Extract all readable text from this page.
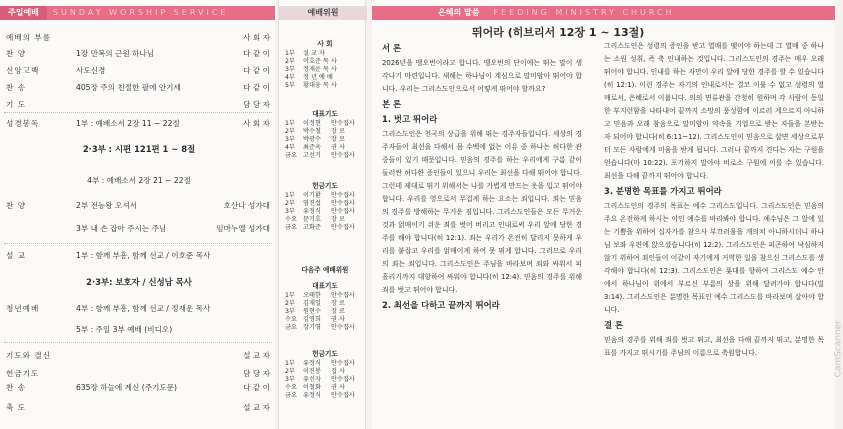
주일예배 SUNDAY WORSHIP SERVICE
예배의 부름	사 회 자
찬 양	1장 만복의 근원 하나님	다 같 이
신앙고백	사도신경	다 같 이
찬 송	405장 주의 친절한 팔에 안기세	다 같 이
기 도	담 당 자
성경봉독	1부 : 예배소서 2장 11 ~ 22절	사 회 자
2·3부 : 시편 121편 1 ~ 8절
4부 : 예배소서 2장 21 ~ 22절
찬 양	2부 전능왕 오셔서	호산나 성가대
3부 내 손 잡아 주시는 주님	임마누엘 성가대
설 교	1부 : 함께 부흥, 함께 선교 / 이호준 목사
2·3부: 보호자 / 신성남 목사
청년예배	4부 : 함께 부흥, 함께 선교 / 정재운 목사
5부 : 주일 3부 예배 (비디오)
기도와 결신	설 교 자
헌금기도	담 당 자
찬 송	635장 하늘에 계신 (주기도문)	다 같 이
축 도	설 교 자
예배위원
사 회
1부 설 교 자
2부 이호준 목 사
3부 정재운 목 사
4부 정 년 예 배
5부 황대웅 목 사
대표기도
1부 이정현 안수집사
2부 박수철 장 로
3부 박광수 장 로
4부 최준옥 권 사
금요 고선기 안수집사
헌금기도
1부 이기환 안수집사
2부 염진섭 안수집사
3부 유정식 안수집사
수요 문기호 장 로
금요 고화준 안수집사
다음주 예배위원
대표기도
1부 오태한 안수집사
2부 김재일 장 로
3부 원현수 장 로
수요 김영희 권 사
금요 장기영 안수집사
헌금기도
1부 유정식 안수집사
2부 이진봉 집 사
3부 유선자 안수집사
수요 이철화 권 사
금요 유정식 안수집사
은혜의 말씀 FEEDING MINISTRY CHURCH
뛰어라 (히브리서 12장 1 ~ 13절)
서 론
2026년을 맹오번이라고 합니다. 맹오번의 단이에는 뛰는 말이 생각나기 마련입니다. 새해는 하나님이 계심으로 말미암아 뛰어야 합니다. 우리는 그리스도인으로서 어떻게 뛰어야 할까요?
본 론
1. 벗고 뛰어라
그리스도인은 천국의 상급을 위해 뛰는 경주자들입니다. 세상의 경주자들이 최선을 다해서 몸 수백에 없는 이유 중 하나는 허다한 관중들이 있기 때문입니다. 믿음의 경주를 하는 우리에게 구름 같이 둘러싼 허다한 증인들이 있으니 우리는 최선을 다해 뛰어야 합니다. 그런데 제대로 뛰기 위해서는 나를 가볍게 만드는 옷을 입고 뛰어야 합니다. 우리를 영으로서 무겁게 하는 요소는 죄입니다. 죄는 믿음의 경주를 방해하는 무거운 짐입니다. 그리스도인들은 모든 무거운 것과 얽매이기 쉬운 죄를 벗어 버리고 인내로써 우리 앞에 당한 경주를 해야 합니다(히 12:1). 죄는 우리가 온전히 달리지 못하게 우리를 붙잡고 우리를 얽매이게 하여 못 뛰게 합니다. 그러므로 우리의 죄는 죄입니다. 그리스도인은 주님을 바라보며 죄와 싸워서 피 흘리기까지 대항하여 싸워야 합니다(히 12:4). 믿음의 경주를 위해 죄를 벗고 뛰어야 합니다.
2. 최선을 다하고 끝까지 뛰어라
그리스도인은 성령의 증인을 받고 열매를 맺어야 하는데 그 열매 중 하나는 소원 성취, 즉 축 인내하는 것입니다. 그리스도인의 경주는 매우 오래 뛰어야 합니다. 인내를 하는 자만이 우리 앞에 당한 경주를 할 수 있습니다(히 12:1). 이런 경주는 자기의 인내로서는 결코 이룰 수 없고 성령의 열매로서, 은혜로서 이룹니다. 의의 면류관을 간청히 원하며 각 사람이 동일한 부지런함을 나타내어 끝까지 소망의 풍성함에 이르러 게으르지 아니하고 믿음과 오래 참음으로 말미암아 약속을 기업으로 받는 자들을 본받는 자 되어야 합니다(히 6:11~12). 그리스도인이 믿음으로 살면 세상으로부터 모든 사람에게 미움을 받게 됩니다. 그러나 끝까지 견디는 자는 구원을 얻습니다(마 10:22). 포기하지 말아야 비로소 구원에 이를 수 있습니다. 최선을 다해 끝까지 뛰어야 합니다.
3. 분명한 목표를 가지고 뛰어라
그리스도인의 경주의 목표는 예수 그리스도입니다. 그리스도인은 믿음의 주요 온전하게 하시는 이인 예수를 바라봐야 합니다. 예수님은 그 앞에 있는 기쁨을 위하여 십자가를 참으사 부끄러움을 개의치 아니하시더니 하나님 보좌 우편에 앉으셨습니다(히 12:2). 그리스도인은 피곤하여 낙심하지 않기 위하여 죄인들이 이같이 자기에게 거역한 일을 참으신 그리스도를 생각해야 합니다(히 12:3). 그리스도인은 푯대를 향하여 그리스도 예수 안에서 하나님이 위에서 부르신 부름의 상을 위해 달려가야 합니다(빌 3:14). 그리스도인은 분명한 목표인 예수 그리스도를 바라보며 살아야 합니다.
결 론
믿음의 경주를 위해 죄를 벗고 뛰고, 최선을 다해 끝까지 뛰고, 분명한 목표를 가지고 뛰시기를 주님의 이름으로 축원합니다.	CamScanner
